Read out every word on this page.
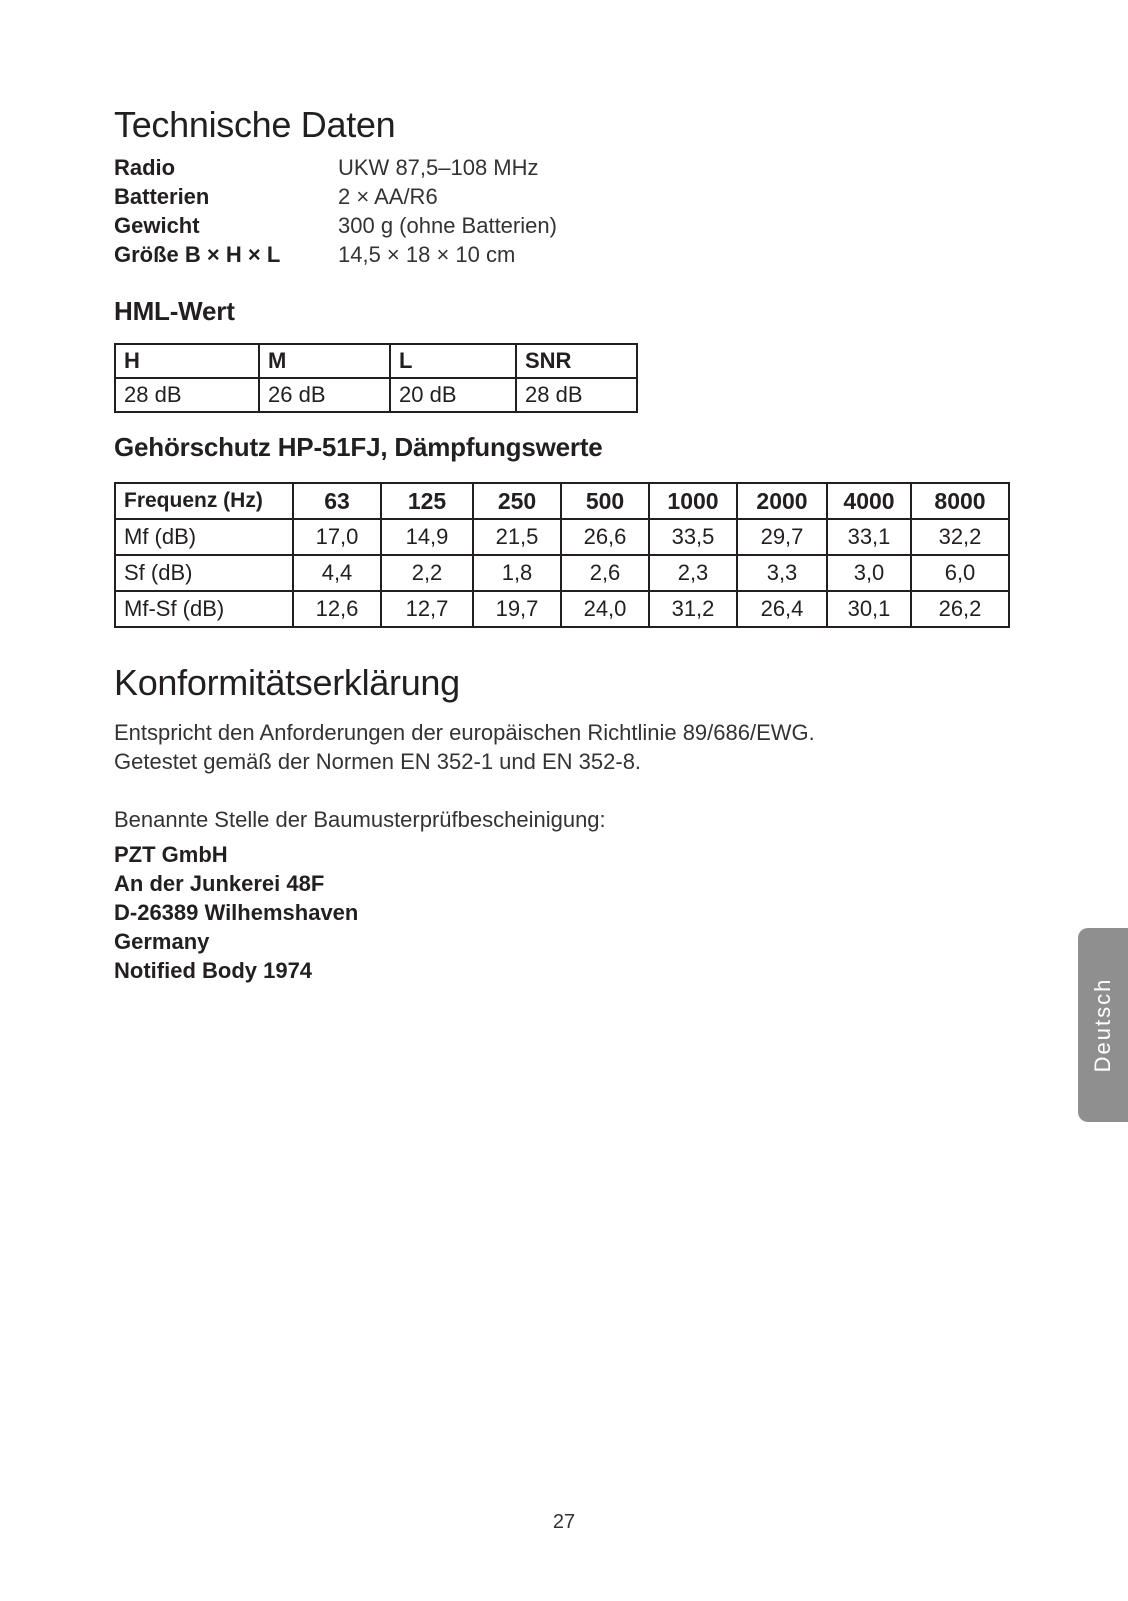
Technische Daten
Radio	UKW 87,5–108 MHz
Batterien	2 × AA/R6
Gewicht	300 g (ohne Batterien)
Größe B × H × L	14,5 × 18 × 10 cm
HML-Wert
H	M	L	SNR
28 dB	26 dB	20 dB	28 dB
Gehörschutz HP-51FJ, Dämpfungswerte
Frequenz (Hz)	63	125	250	500	1000	2000	4000	8000
Mf (dB)	17,0	14,9	21,5	26,6	33,5	29,7	33,1	32,2
Sf (dB)	4,4	2,2	1,8	2,6	2,3	3,3	3,0	6,0
Mf-Sf (dB)	12,6	12,7	19,7	24,0	31,2	26,4	30,1	26,2
Konformitätserklärung
Entspricht den Anforderungen der europäischen Richtlinie 89/686/EWG.
Getestet gemäß der Normen EN 352-1 und EN 352-8.
Benannte Stelle der Baumusterprüfbescheinigung:
PZT GmbH
An der Junkerei 48F
D-26389 Wilhemshaven
Germany
Notified Body 1974
Deutsch
27
